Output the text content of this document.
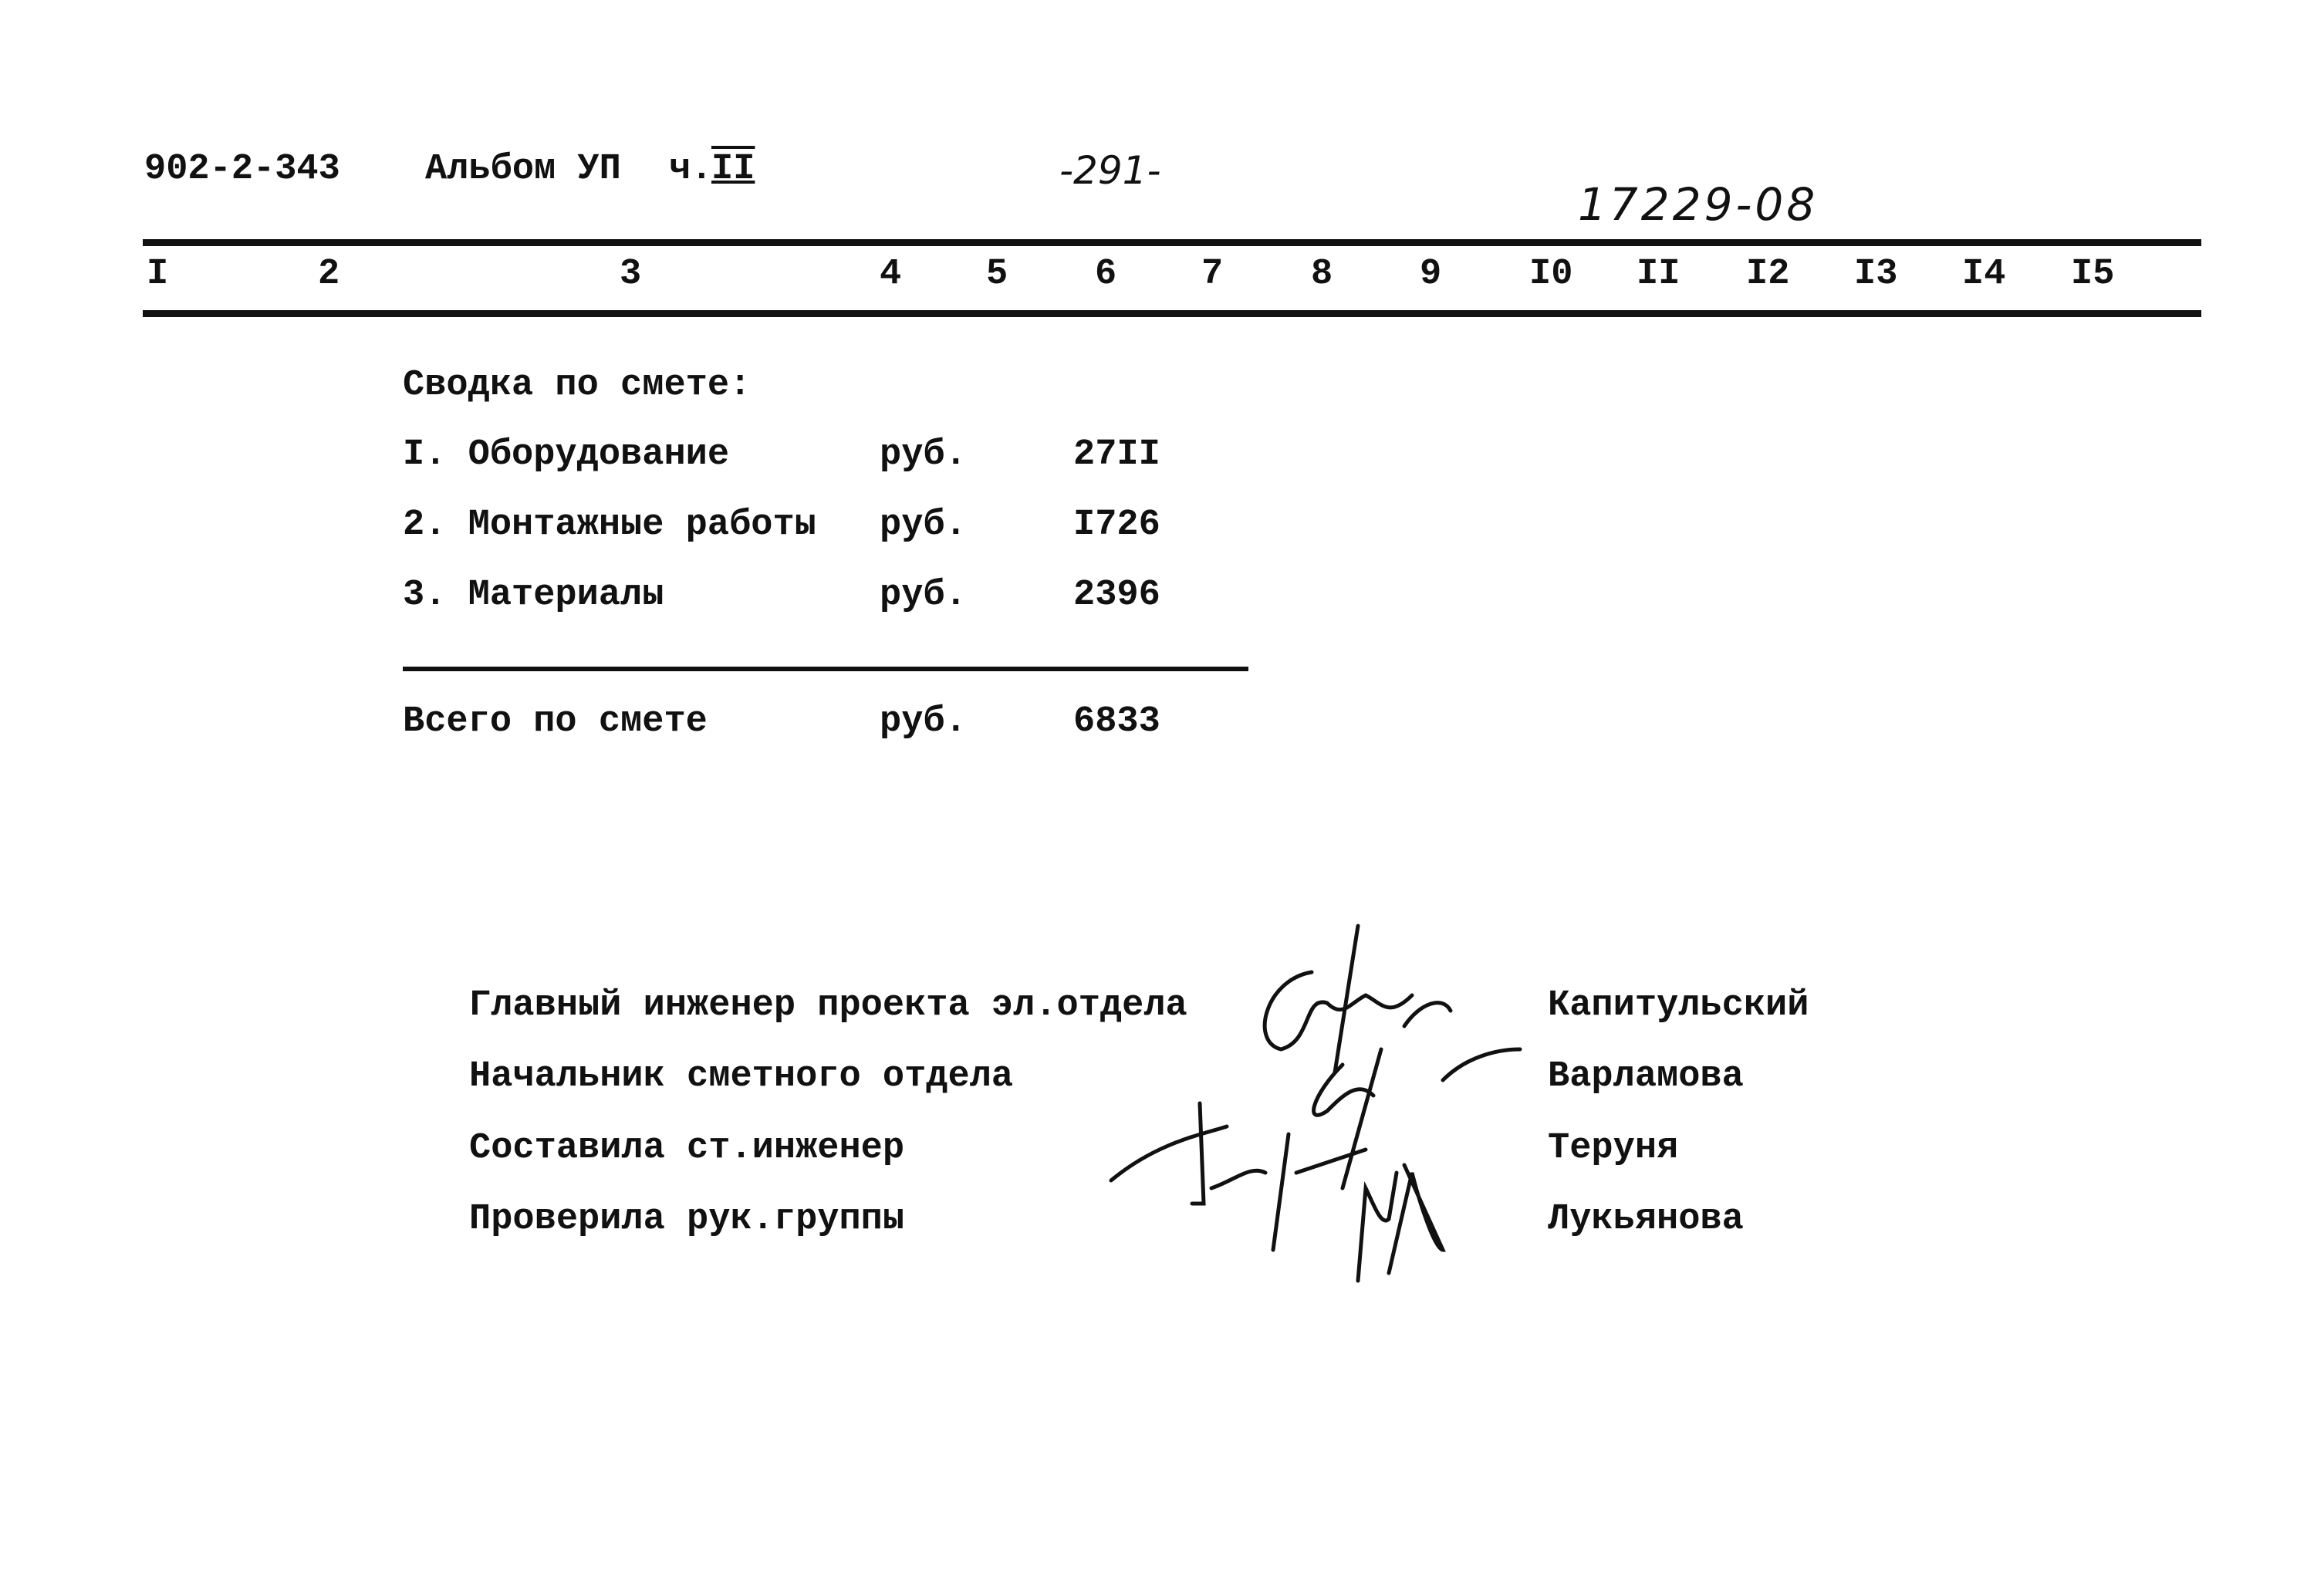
902-2-343 Альбом УП ч.
II	-291-
17229-08
I	2	3	4 5 6 7 8 9 I0 II I2 I3 I4 I5
Сводка по смете:
I. Оборудование	руб.	27II
2. Монтажные работы руб.	I726
3. Материалы	руб.	2396
Всего по смете	руб.	6833
Главный инженер проекта эл.отдела	Капитульский
Начальник сметного отдела	Варламова
Составила ст.инженер	Теруня
Проверила рук.группы	Лукьянова
